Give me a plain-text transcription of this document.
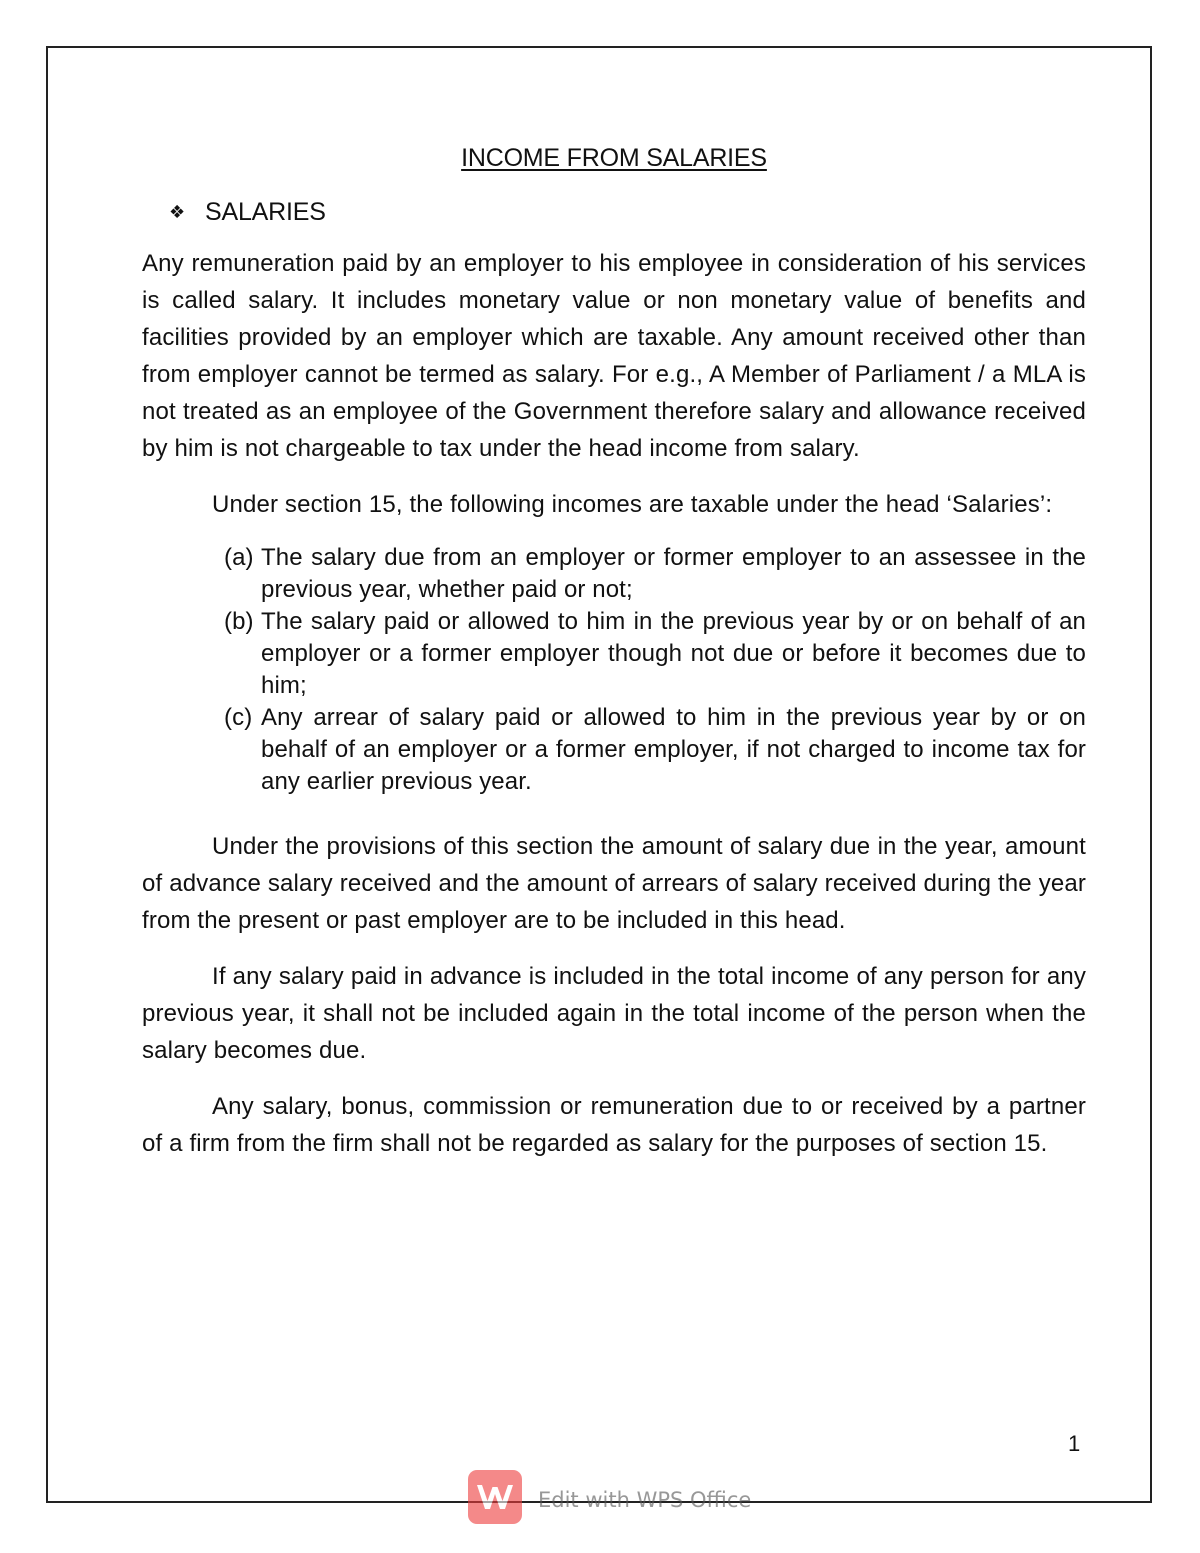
INCOME FROM SALARIES
❖ SALARIES

Any remuneration paid by an employer to his employee in consideration of his services is called salary. It includes monetary value or non monetary value of benefits and facilities provided by an employer which are taxable. Any amount received other than from employer cannot be termed as salary. For e.g., A Member of Parliament / a MLA is not treated as an employee of the Government therefore salary and allowance received by him is not chargeable to tax under the head income from salary.

Under section 15, the following incomes are taxable under the head ‘Salaries’:

(a) The salary due from an employer or former employer to an assessee in the previous year, whether paid or not;
(b) The salary paid or allowed to him in the previous year by or on behalf of an employer or a former employer though not due or before it becomes due to him;
(c) Any arrear of salary paid or allowed to him in the previous year by or on behalf of an employer or a former employer, if not charged to income tax for any earlier previous year.

Under the provisions of this section the amount of salary due in the year, amount of advance salary received and the amount of arrears of salary received during the year from the present or past employer are to be included in this head.

If any salary paid in advance is included in the total income of any person for any previous year, it shall not be included again in the total income of the person when the salary becomes due.

Any salary, bonus, commission or remuneration due to or received by a partner of a firm from the firm shall not be regarded as salary for the purposes of section 15.

1
Edit with WPS Office
